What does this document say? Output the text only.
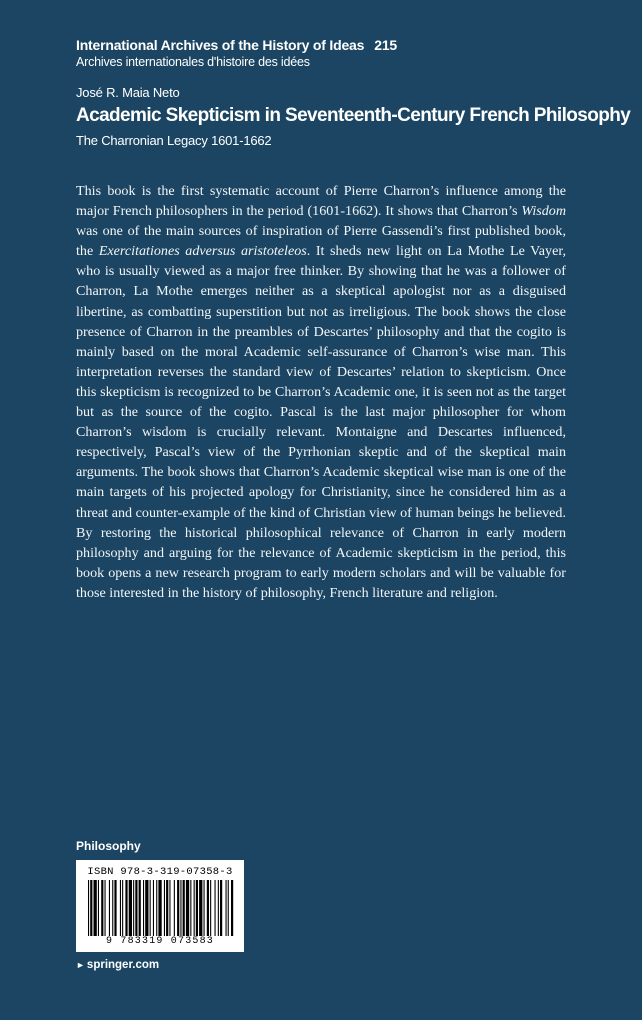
International Archives of the History of Ideas 215
Archives internationales d'histoire des idées
José R. Maia Neto
Academic Skepticism in Seventeenth-Century French Philosophy
The Charronian Legacy 1601-1662
This book is the first systematic account of Pierre Charron’s influence among the major French philosophers in the period (1601-1662). It shows that Charron’s Wisdom was one of the main sources of inspiration of Pierre Gassendi’s first published book, the Exercitationes adversus aristoteleos. It sheds new light on La Mothe Le Vayer, who is usually viewed as a major free thinker. By showing that he was a follower of Charron, La Mothe emerges neither as a skeptical apologist nor as a disguised libertine, as combatting superstition but not as irreligious. The book shows the close presence of Charron in the preambles of Descartes’ philosophy and that the cogito is mainly based on the moral Academic self-assurance of Charron’s wise man. This interpretation reverses the standard view of Descartes’ relation to skepticism. Once this skepticism is recognized to be Charron’s Academic one, it is seen not as the target but as the source of the cogito. Pascal is the last major philosopher for whom Charron’s wisdom is crucially relevant. Montaigne and Descartes influenced, respectively, Pascal’s view of the Pyrrhonian skeptic and of the skeptical main arguments. The book shows that Charron’s Academic skeptical wise man is one of the main targets of his projected apology for Christianity, since he considered him as a threat and counter-example of the kind of Christian view of human beings he believed. By restoring the historical philosophical relevance of Charron in early modern philosophy and arguing for the relevance of Academic skepticism in the period, this book opens a new research program to early modern scholars and will be valuable for those interested in the history of philosophy, French literature and religion.
Philosophy
ISBN 978-3-319-07358-3
9 783319 073583
► springer.com
